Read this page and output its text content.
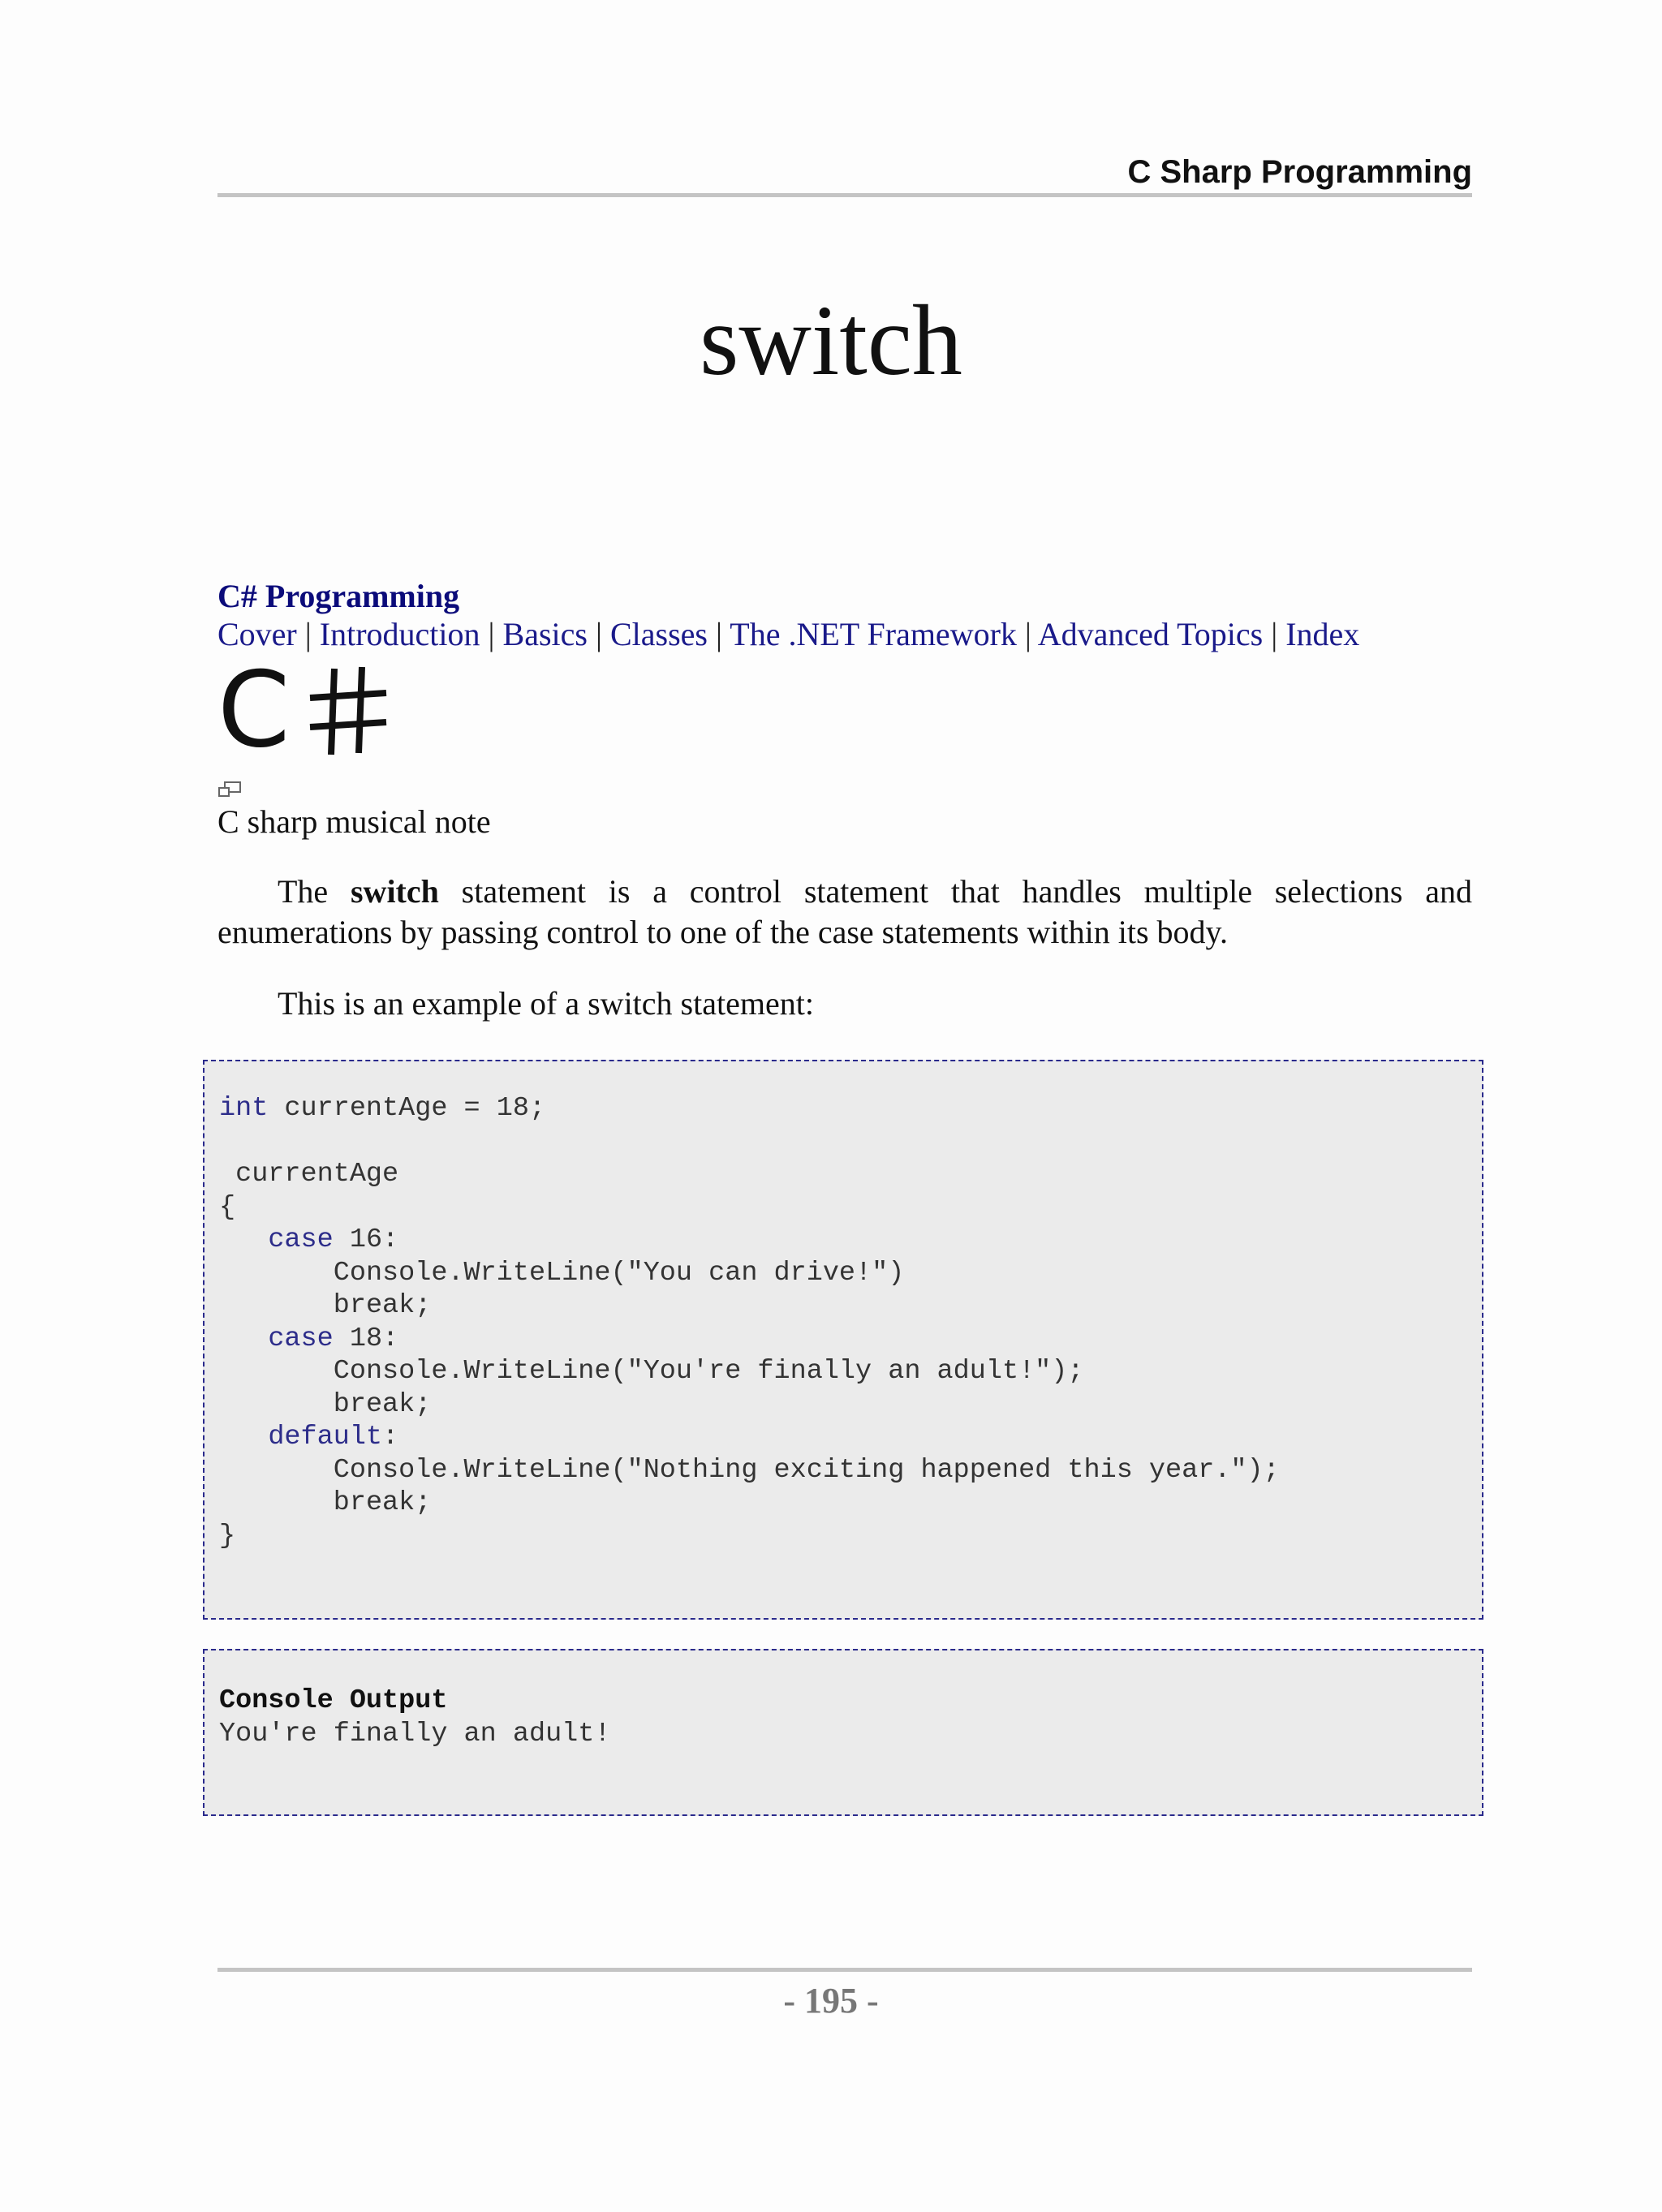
C Sharp Programming
switch
C# Programming
Cover | Introduction | Basics | Classes | The .NET Framework | Advanced Topics | Index
C
C sharp musical note

The switch statement is a control statement that handles multiple selections and enumerations by passing control to one of the case statements within its body.

This is an example of a switch statement:

int currentAge = 18;

currentAge
{
case 16:
Console.WriteLine("You can drive!")
break;
case 18:
Console.WriteLine("You're finally an adult!");
break;
default:
Console.WriteLine("Nothing exciting happened this year.");
break;
}
Console Output
You're finally an adult!
- 195 -
